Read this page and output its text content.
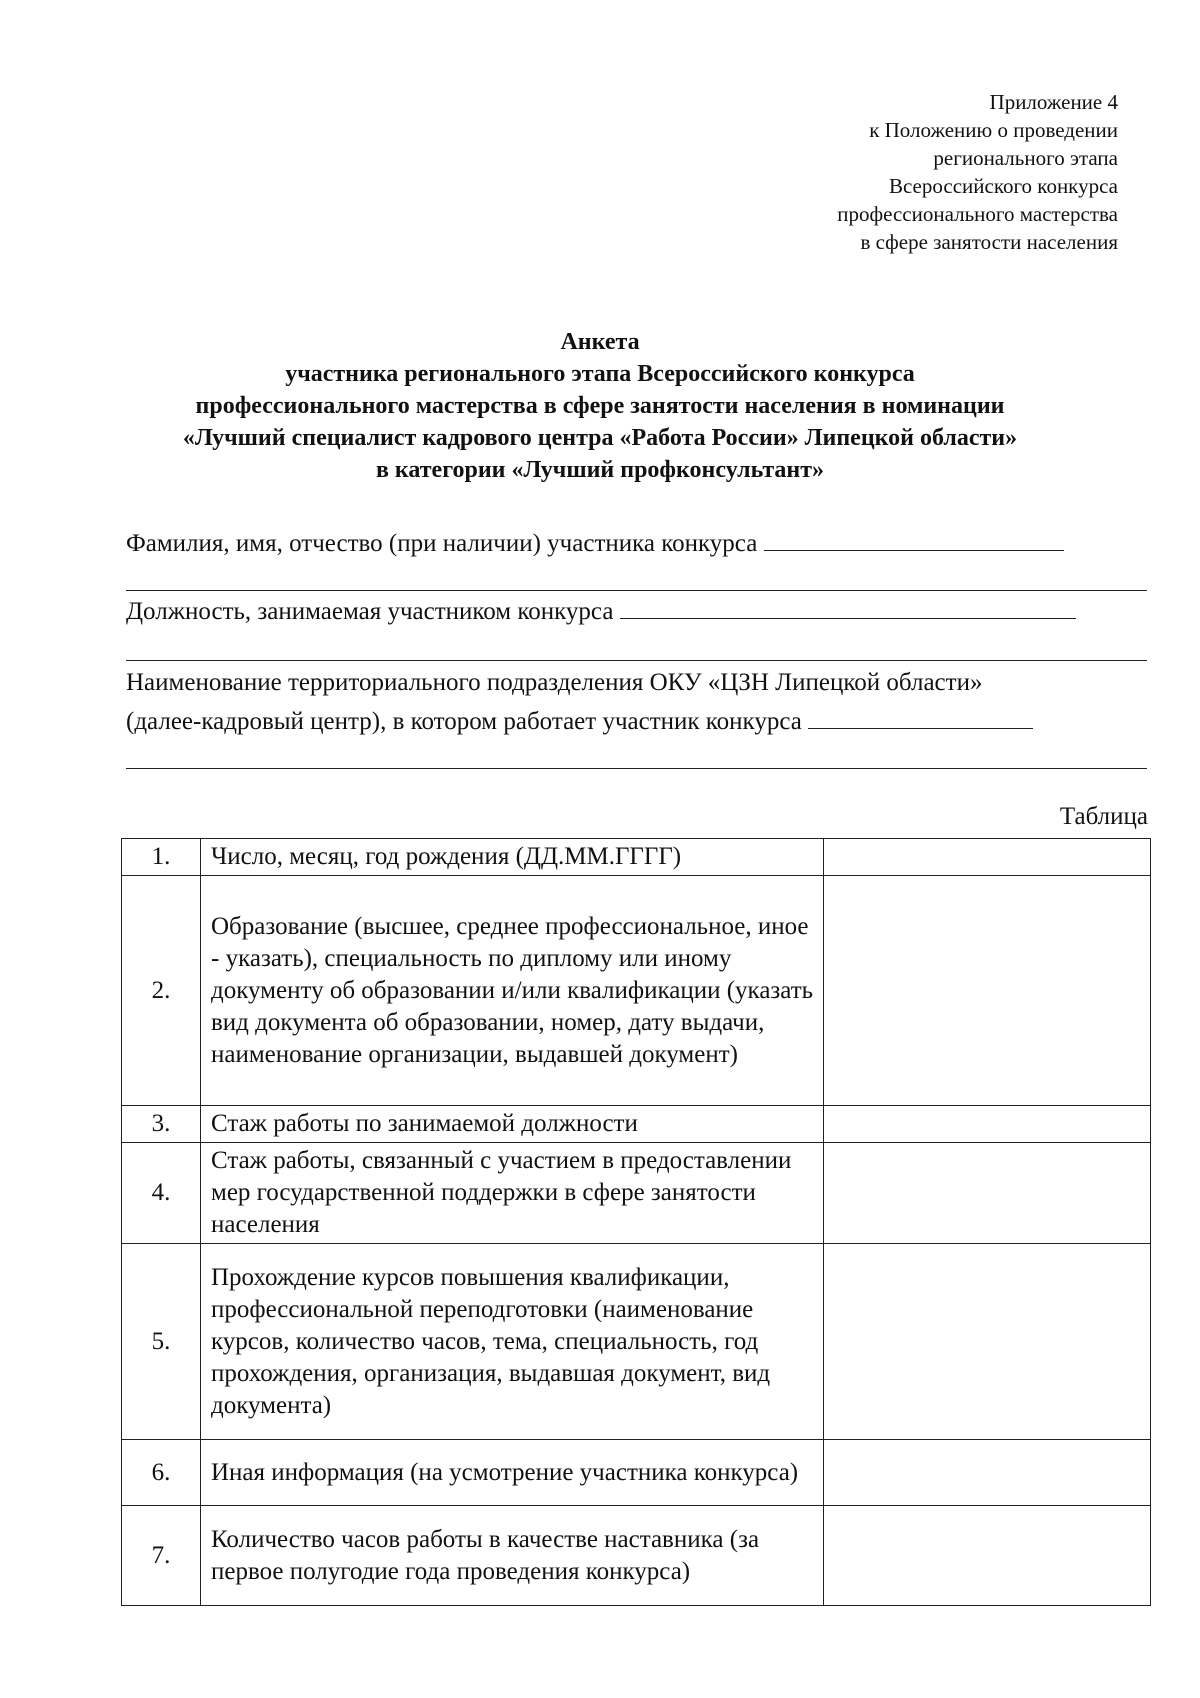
Приложение 4
к Положению о проведении
регионального этапа
Всероссийского конкурса
профессионального мастерства
в сфере занятости населения
Анкета
участника регионального этапа Всероссийского конкурса
профессионального мастерства в сфере занятости населения в номинации
«Лучший специалист кадрового центра «Работа России» Липецкой области»
в категории «Лучший профконсультант»
Фамилия, имя, отчество (при наличии) участника конкурса
Должность, занимаемая участником конкурса
Наименование территориального подразделения ОКУ «ЦЗН Липецкой области»
(далее-кадровый центр), в котором работает участник конкурса
Таблица
1.	Число, месяц, год рождения (ДД.ММ.ГГГГ)	
2.	Образование (высшее, среднее профессиональное, иное - указать), специальность по диплому или иному документу об образовании и/или квалификации (указать вид документа об образовании, номер, дату выдачи, наименование организации, выдавшей документ)	
3.	Стаж работы по занимаемой должности	
4.	Стаж работы, связанный с участием в предоставлении мер государственной поддержки в сфере занятости населения	
5.	Прохождение курсов повышения квалификации, профессиональной переподготовки (наименование курсов, количество часов, тема, специальность, год прохождения, организация, выдавшая документ, вид документа)	
6.	Иная информация (на усмотрение участника конкурса)	
7.	Количество часов работы в качестве наставника (за первое полугодие года проведения конкурса)	
